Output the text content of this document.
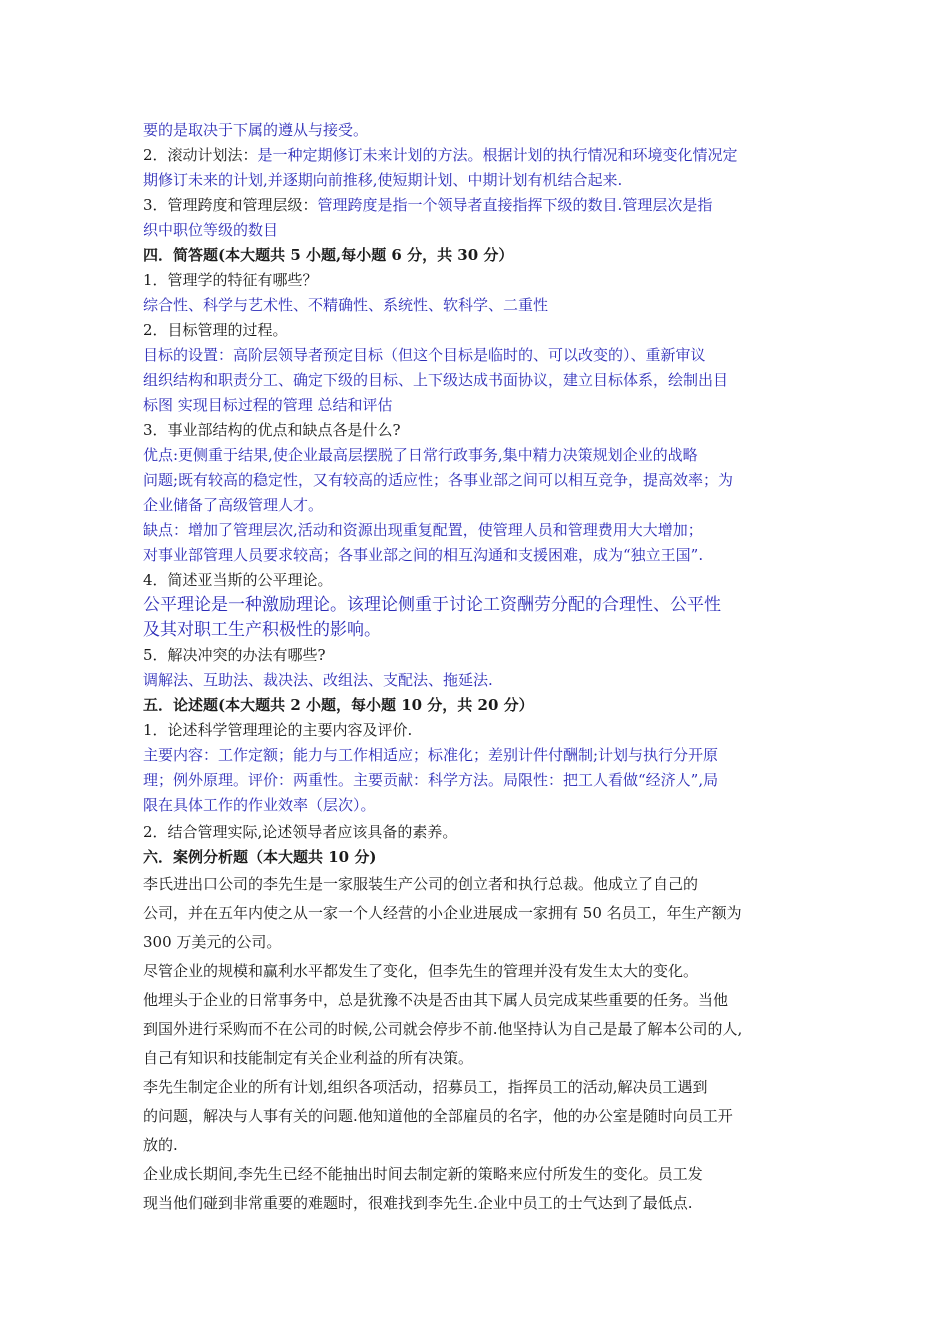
要的是取决于下属的遵从与接受。

2．滚动计划法：是一种定期修订未来计划的方法。根据计划的执行情况和环境变化情况定

期修订未来的计划,并逐期向前推移,使短期计划、中期计划有机结合起来.

3．管理跨度和管理层级：管理跨度是指一个领导者直接指挥下级的数目.管理层次是指

织中职位等级的数目

四．简答题(本大题共 5 小题,每小题 6 分，共 30 分）

1．管理学的特征有哪些？

综合性、科学与艺术性、不精确性、系统性、软科学、二重性

2．目标管理的过程。

目标的设置：高阶层领导者预定目标（但这个目标是临时的、可以改变的）、重新审议

组织结构和职责分工、确定下级的目标、上下级达成书面协议，建立目标体系，绘制出目

标图 实现目标过程的管理 总结和评估

3．事业部结构的优点和缺点各是什么?

优点:更侧重于结果,使企业最高层摆脱了日常行政事务,集中精力决策规划企业的战略

问题;既有较高的稳定性，又有较高的适应性；各事业部之间可以相互竞争，提高效率；为

企业储备了高级管理人才。

缺点：增加了管理层次,活动和资源出现重复配置，使管理人员和管理费用大大增加；

对事业部管理人员要求较高；各事业部之间的相互沟通和支援困难，成为“独立王国”.

4．简述亚当斯的公平理论。

公平理论是一种激励理论。该理论侧重于讨论工资酬劳分配的合理性、公平性

及其对职工生产积极性的影响。

5．解决冲突的办法有哪些?

调解法、互助法、裁决法、改组法、支配法、拖延法.

五．论述题(本大题共 2 小题，每小题 10 分，共 20 分）

1．论述科学管理理论的主要内容及评价.

主要内容：工作定额；能力与工作相适应；标准化；差别计件付酬制;计划与执行分开原

理；例外原理。评价：两重性。主要贡献：科学方法。局限性：把工人看做“经济人”,局

限在具体工作的作业效率（层次）。

2．结合管理实际,论述领导者应该具备的素养。

六．案例分析题（本大题共 10 分)

李氏进出口公司的李先生是一家服装生产公司的创立者和执行总裁。他成立了自己的

公司，并在五年内使之从一家一个人经营的小企业进展成一家拥有 50 名员工，年生产额为

300 万美元的公司。

尽管企业的规模和赢利水平都发生了变化，但李先生的管理并没有发生太大的变化。

他埋头于企业的日常事务中，总是犹豫不决是否由其下属人员完成某些重要的任务。当他

到国外进行采购而不在公司的时候,公司就会停步不前.他坚持认为自己是最了解本公司的人,

自己有知识和技能制定有关企业利益的所有决策。

李先生制定企业的所有计划,组织各项活动，招募员工，指挥员工的活动,解决员工遇到

的问题，解决与人事有关的问题.他知道他的全部雇员的名字，他的办公室是随时向员工开

放的.

企业成长期间,李先生已经不能抽出时间去制定新的策略来应付所发生的变化。员工发

现当他们碰到非常重要的难题时，很难找到李先生.企业中员工的士气达到了最低点.
